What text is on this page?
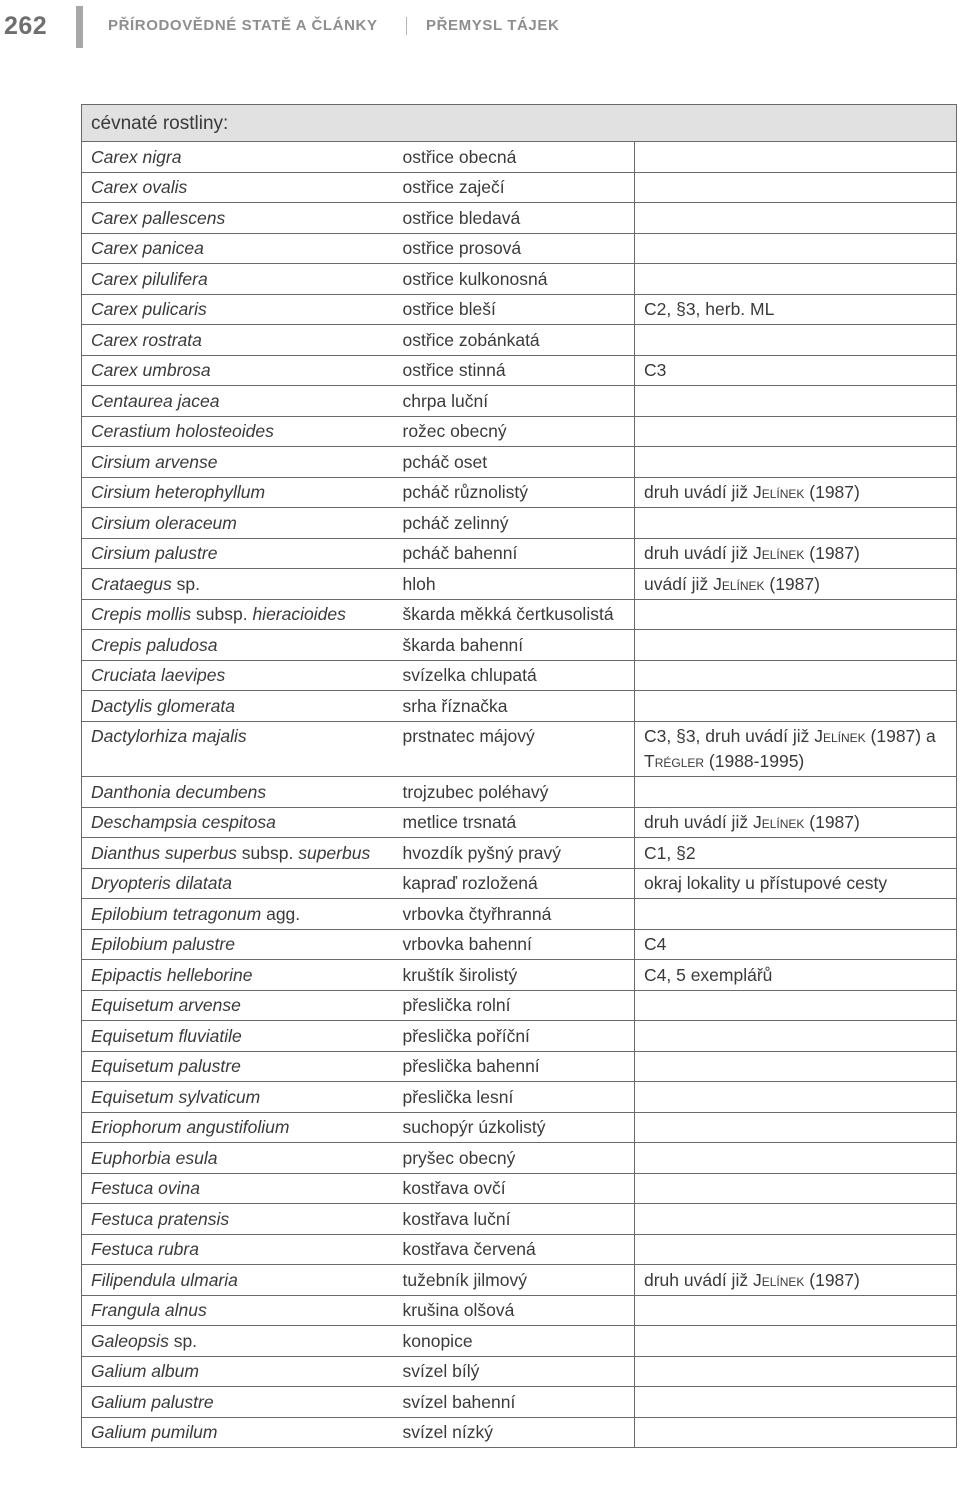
262	PŘÍRODOVĚDNÉ STATĚ A ČLÁNKY	PŘEMYSL TÁJEK
cévnaté rostliny:		
Carex nigra	ostřice obecná	
Carex ovalis	ostřice zaječí	
Carex pallescens	ostřice bledavá	
Carex panicea	ostřice prosová	
Carex pilulifera	ostřice kulkonosná	
Carex pulicaris	ostřice bleší	C2, §3, herb. ML
Carex rostrata	ostřice zobánkatá	
Carex umbrosa	ostřice stinná	C3
Centaurea jacea	chrpa luční	
Cerastium holosteoides	rožec obecný	
Cirsium arvense	pcháč oset	
Cirsium heterophyllum	pcháč různolistý	druh uvádí již Jelínek (1987)
Cirsium oleraceum	pcháč zelinný	
Cirsium palustre	pcháč bahenní	druh uvádí již Jelínek (1987)
Crataegus sp.	hloh	uvádí již Jelínek (1987)
Crepis mollis subsp. hieracioides	škarda měkká čertkusolistá	
Crepis paludosa	škarda bahenní	
Cruciata laevipes	svízelka chlupatá	
Dactylis glomerata	srha říznačka	
Dactylorhiza majalis	prstnatec májový	C3, §3, druh uvádí již Jelínek (1987) a Trégler (1988-1995)
Danthonia decumbens	trojzubec poléhavý	
Deschampsia cespitosa	metlice trsnatá	druh uvádí již Jelínek (1987)
Dianthus superbus subsp. superbus	hvozdík pyšný pravý	C1, §2
Dryopteris dilatata	kapraď rozložená	okraj lokality u přístupové cesty
Epilobium tetragonum agg.	vrbovka čtyřhranná	
Epilobium palustre	vrbovka bahenní	C4
Epipactis helleborine	kruštík širolistý	C4, 5 exemplářů
Equisetum arvense	přeslička rolní	
Equisetum fluviatile	přeslička poříční	
Equisetum palustre	přeslička bahenní	
Equisetum sylvaticum	přeslička lesní	
Eriophorum angustifolium	suchopýr úzkolistý	
Euphorbia esula	pryšec obecný	
Festuca ovina	kostřava ovčí	
Festuca pratensis	kostřava luční	
Festuca rubra	kostřava červená	
Filipendula ulmaria	tužebník jilmový	druh uvádí již Jelínek (1987)
Frangula alnus	krušina olšová	
Galeopsis sp.	konopice	
Galium album	svízel bílý	
Galium palustre	svízel bahenní	
Galium pumilum	svízel nízký	
